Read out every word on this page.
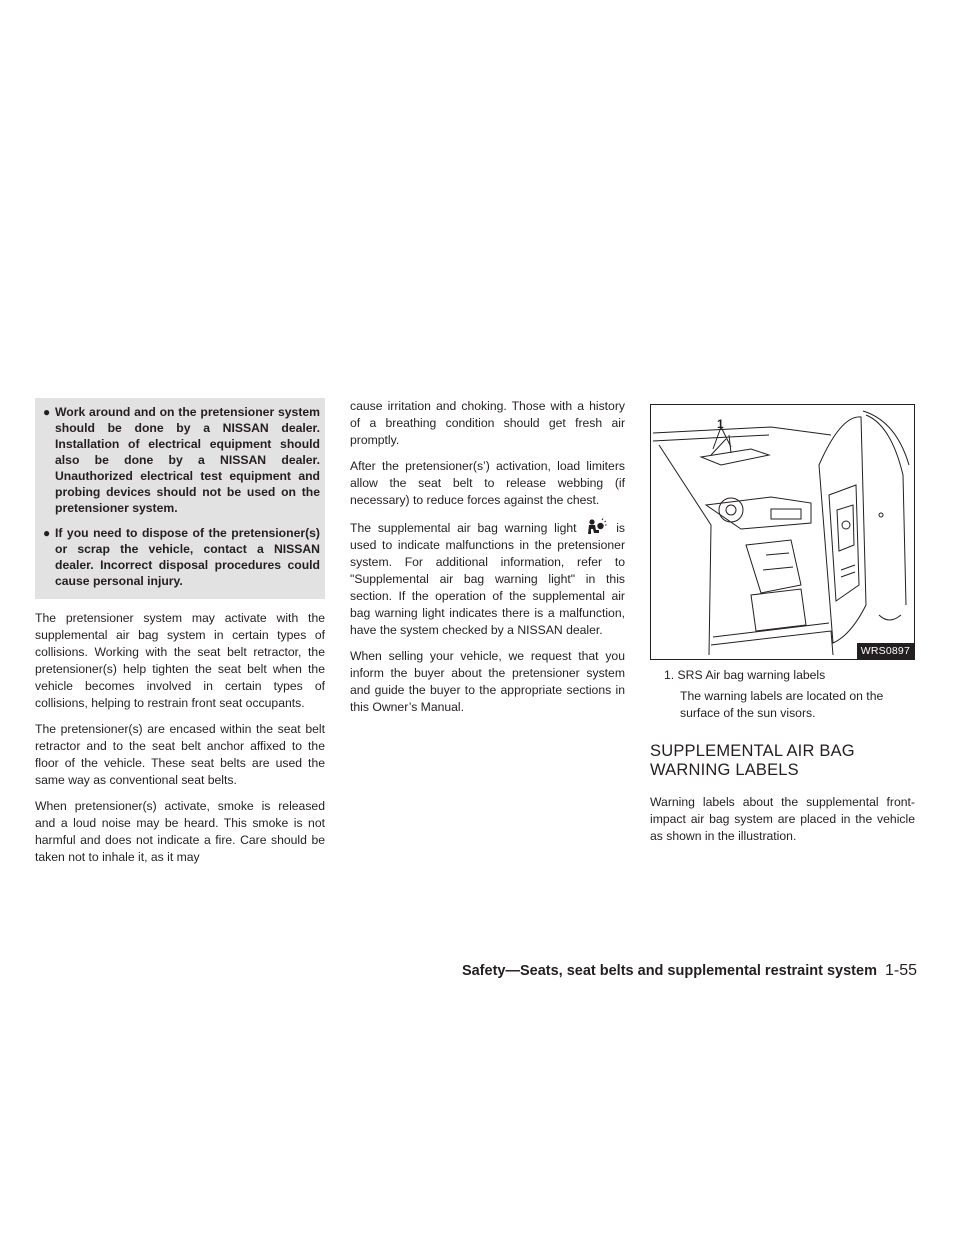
● Work around and on the pretensioner system should be done by a NISSAN dealer. Installation of electrical equipment should also be done by a NISSAN dealer. Unauthorized electrical test equipment and probing devices should not be used on the pretensioner system.
● If you need to dispose of the pretensioner(s) or scrap the vehicle, contact a NISSAN dealer. Incorrect disposal procedures could cause personal injury.

The pretensioner system may activate with the supplemental air bag system in certain types of collisions. Working with the seat belt retractor, the pretensioner(s) help tighten the seat belt when the vehicle becomes involved in certain types of collisions, helping to restrain front seat occupants.

The pretensioner(s) are encased within the seat belt retractor and to the seat belt anchor affixed to the floor of the vehicle. These seat belts are used the same way as conventional seat belts.

When pretensioner(s) activate, smoke is released and a loud noise may be heard. This smoke is not harmful and does not indicate a fire. Care should be taken not to inhale it, as it may

cause irritation and choking. Those with a history of a breathing condition should get fresh air promptly.

After the pretensioner(s’) activation, load limiters allow the seat belt to release webbing (if necessary) to reduce forces against the chest.

The supplemental air bag warning light	is used to indicate malfunctions in the pretensioner system. For additional information, refer to "Supplemental air bag warning light" in this section. If the operation of the supplemental air bag warning light indicates there is a malfunction, have the system checked by a NISSAN dealer.

When selling your vehicle, we request that you inform the buyer about the pretensioner system and guide the buyer to the appropriate sections in this Owner’s Manual.

1
WRS0897
1. SRS Air bag warning labels
The warning labels are located on the surface of the sun visors.
SUPPLEMENTAL AIR BAG
WARNING LABELS

Warning labels about the supplemental front-impact air bag system are placed in the vehicle as shown in the illustration.

Safety—Seats, seat belts and supplemental restraint system 1-55
